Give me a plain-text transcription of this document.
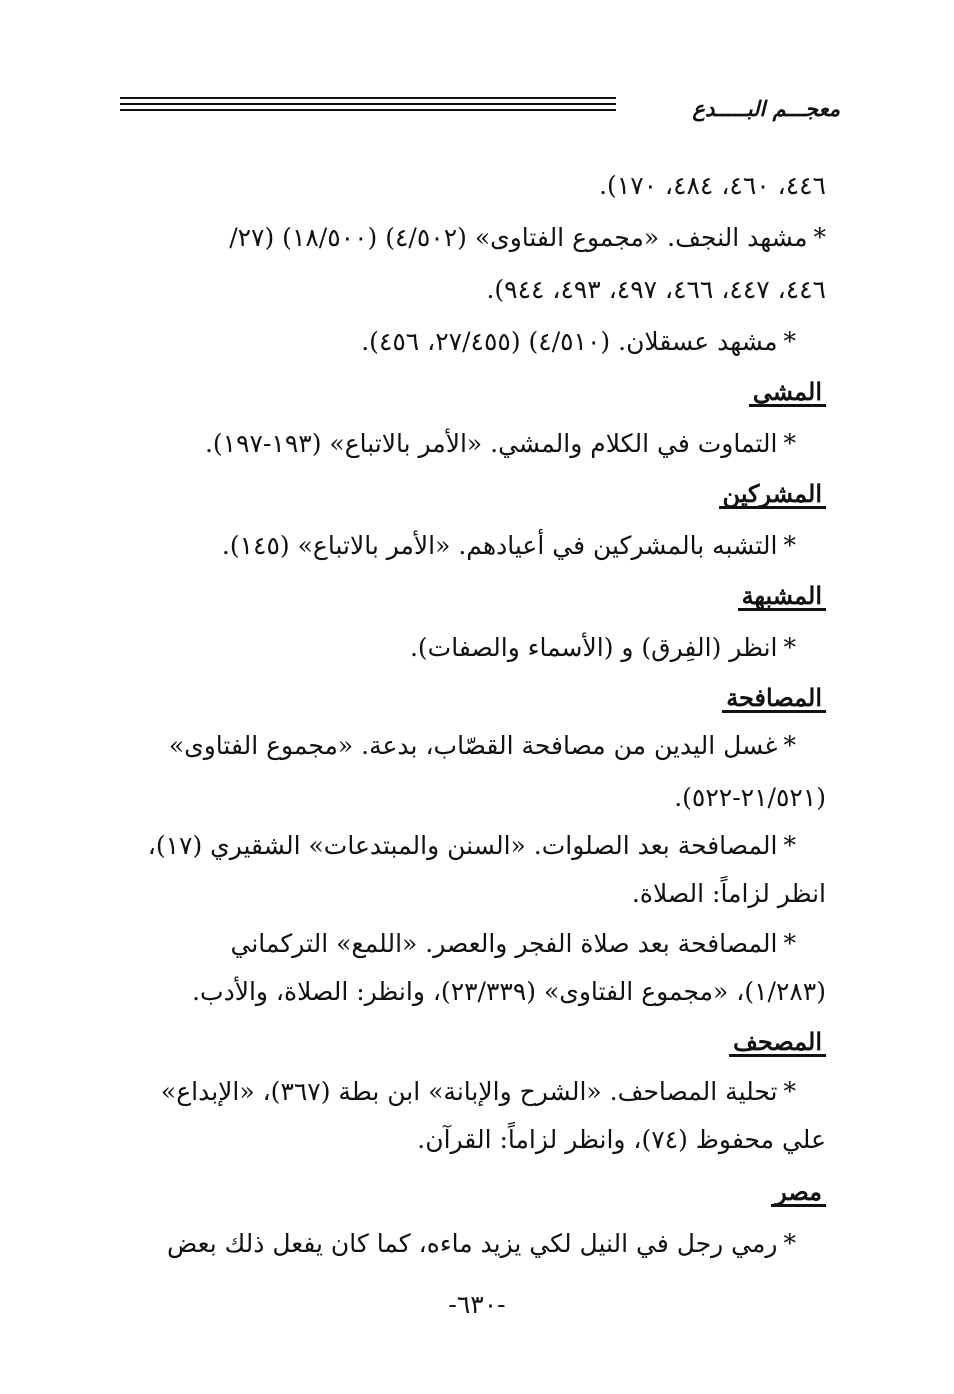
معجـــم البـــــدع
٤٤٦، ٤٦٠، ٤٨٤، ١٧٠).
*مشهد النجف. «مجموع الفتاوى» (٤/٥٠٢) (١٨/٥٠٠) (٢٧/
٤٤٦، ٤٤٧، ٤٦٦، ٤٩٧، ٤٩٣، ٩٤٤).
*مشهد عسقلان. (٤/٥١٠) (٢٧/٤٥٥، ٤٥٦).
المشي
*التماوت في الكلام والمشي. «الأمر بالاتباع» (١٩٣-١٩٧).
المشركين
*التشبه بالمشركين في أعيادهم. «الأمر بالاتباع» (١٤٥).
المشبهة
*انظر (الفِرق) و (الأسماء والصفات).
المصافحة
*غسل اليدين من مصافحة القصّاب، بدعة. «مجموع الفتاوى»
(٢١/٥٢١-٥٢٢).
*المصافحة بعد الصلوات. «السنن والمبتدعات» الشقيري (١٧)،
انظر لزاماً: الصلاة.
*المصافحة بعد صلاة الفجر والعصر. «اللمع» التركماني
(١/٢٨٣)، «مجموع الفتاوى» (٢٣/٣٣٩)، وانظر: الصلاة، والأدب.
المصحف
*تحلية المصاحف. «الشرح والإبانة» ابن بطة (٣٦٧)، «الإبداع»
علي محفوظ (٧٤)، وانظر لزاماً: القرآن.
مصر
*رمي رجل في النيل لكي يزيد ماءه، كما كان يفعل ذلك بعض
-٦٣٠-
